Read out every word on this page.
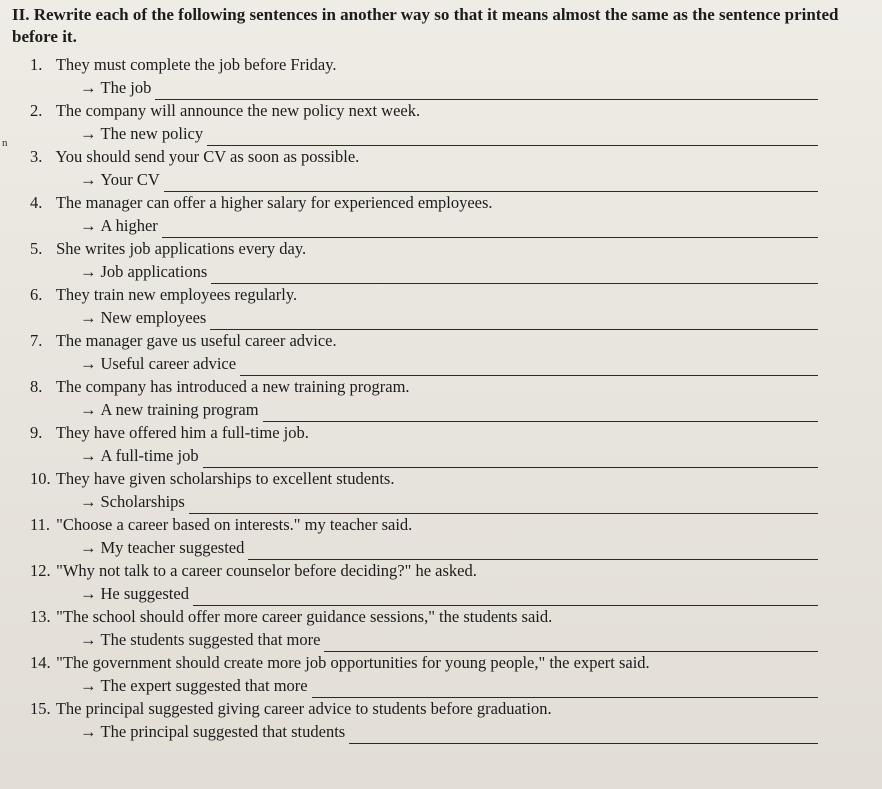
II. Rewrite each of the following sentences in another way so that it means almost the same as the sentence printed before it.
n
1. They must complete the job before Friday.
→ The job
2. The company will announce the new policy next week.
→ The new policy
3. You should send your CV as soon as possible.
→ Your CV
4. The manager can offer a higher salary for experienced employees.
→ A higher
5. She writes job applications every day.
→ Job applications
6. They train new employees regularly.
→ New employees
7. The manager gave us useful career advice.
→ Useful career advice
8. The company has introduced a new training program.
→ A new training program
9. They have offered him a full-time job.
→ A full-time job
10. They have given scholarships to excellent students.
→ Scholarships
11. "Choose a career based on interests." my teacher said.
→ My teacher suggested
12. "Why not talk to a career counselor before deciding?" he asked.
→ He suggested
13. "The school should offer more career guidance sessions," the students said.
→ The students suggested that more
14. "The government should create more job opportunities for young people," the expert said.
→ The expert suggested that more
15. The principal suggested giving career advice to students before graduation.
→ The principal suggested that students
